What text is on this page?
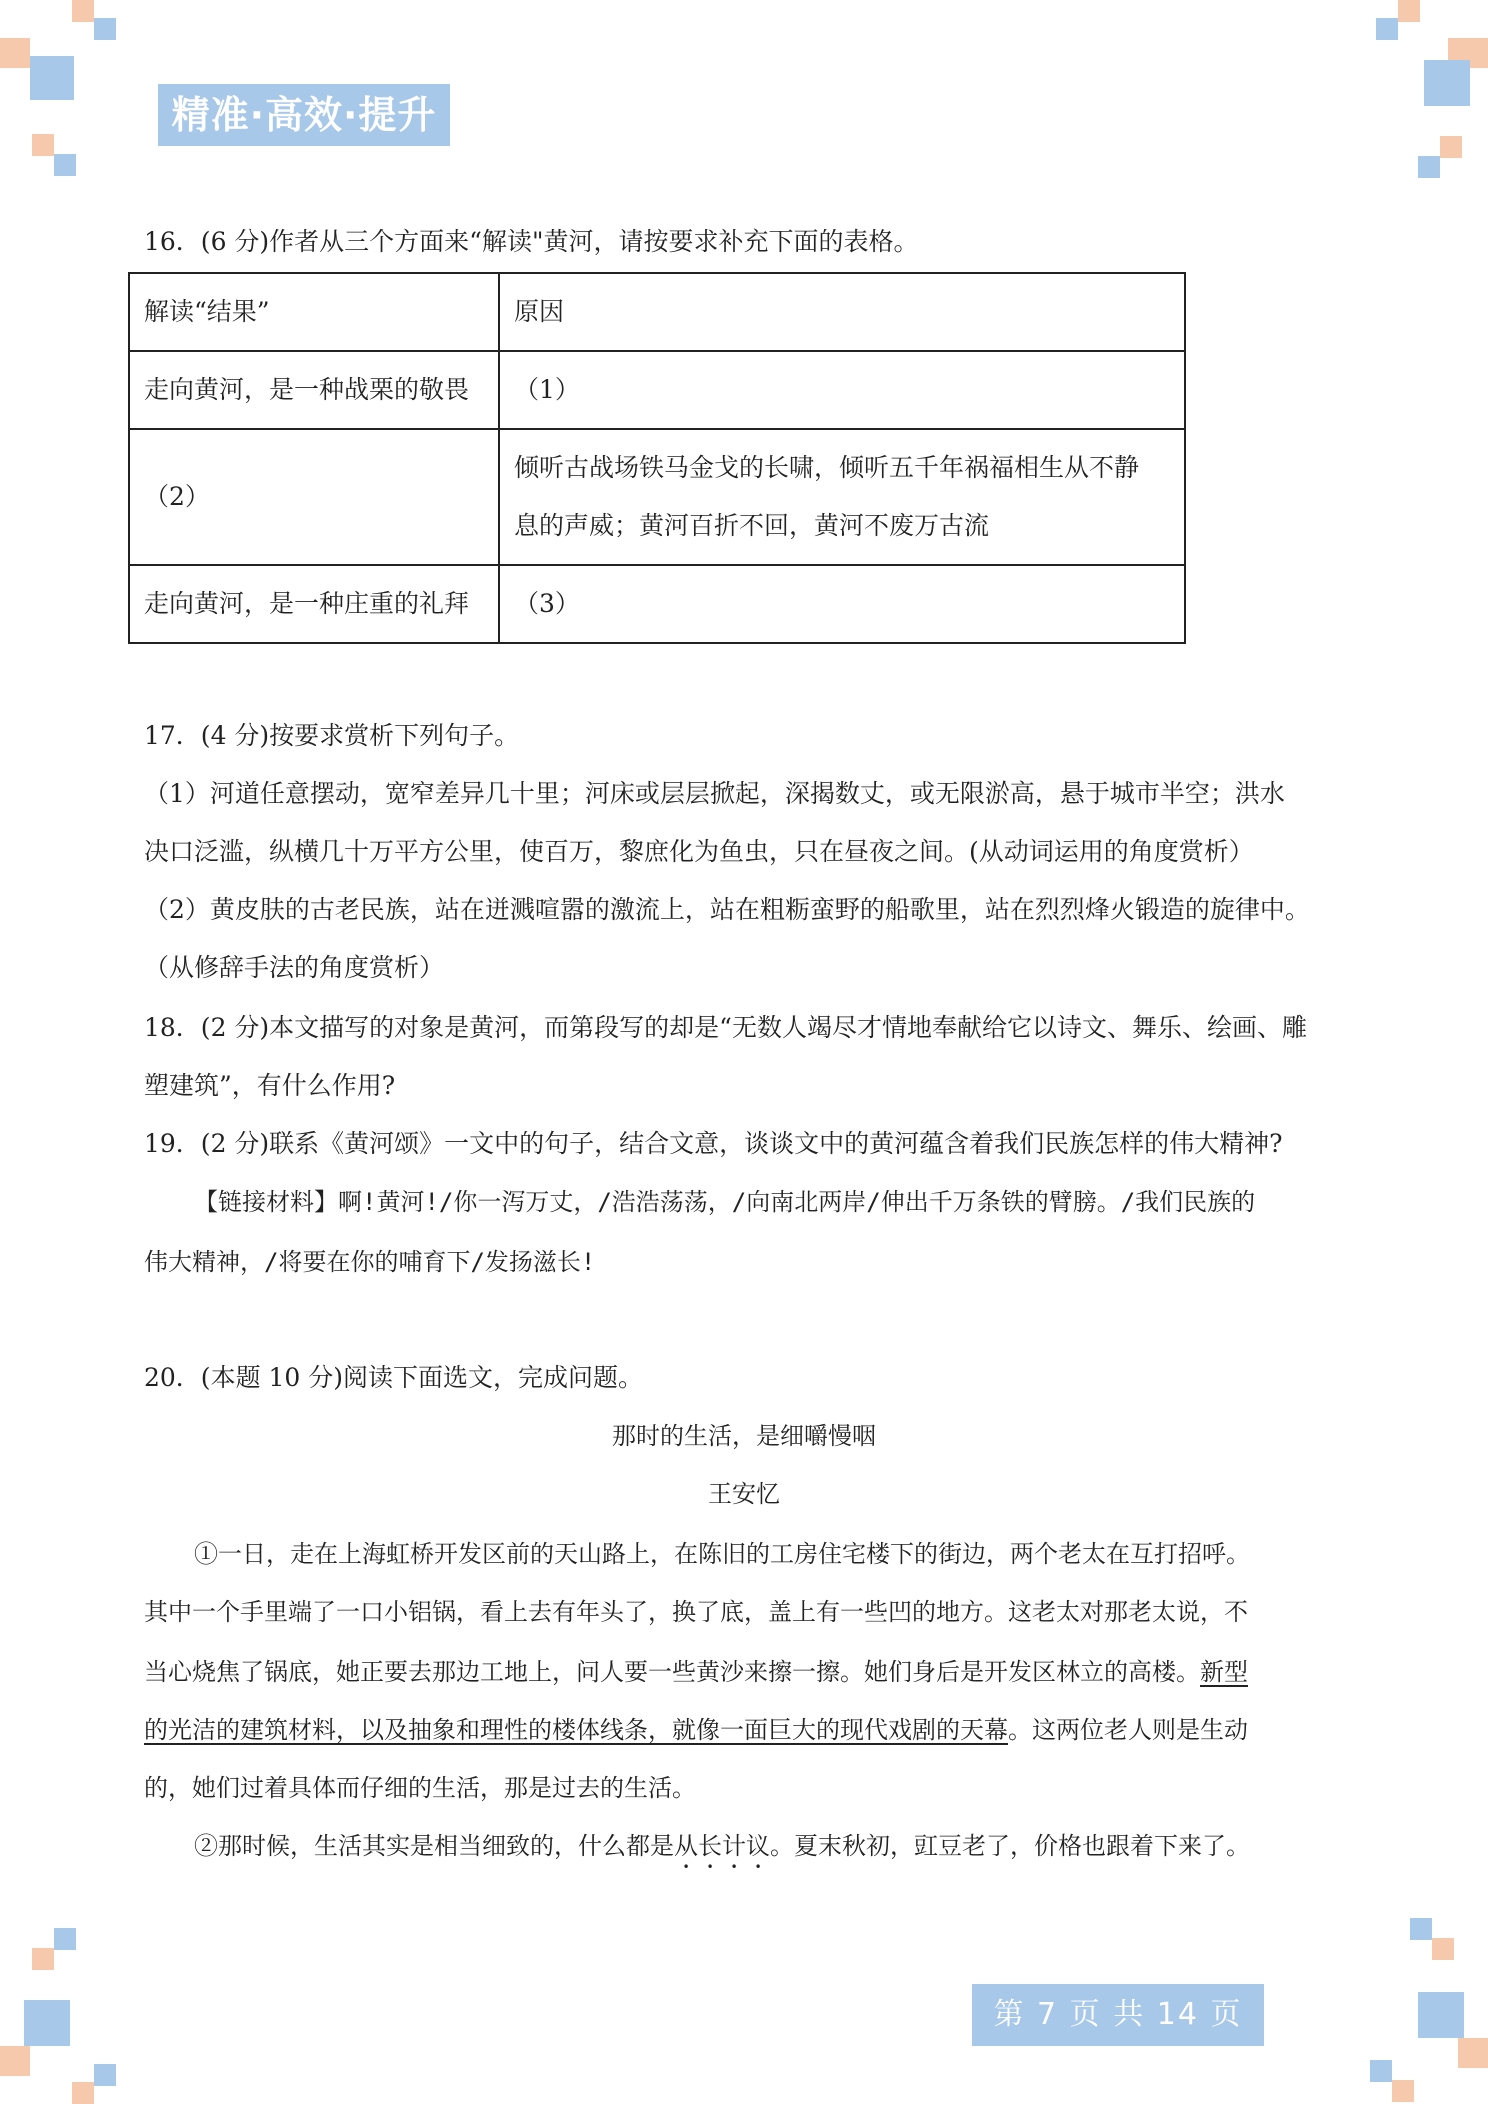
精准·高效·提升
16．(6 分)作者从三个方面来“解读"黄河，请按要求补充下面的表格。
解读“结果”	原因
走向黄河，是一种战栗的敬畏	（1）
（2）	倾听古战场铁马金戈的长啸，倾听五千年祸福相生从不静
息的声威；黄河百折不回，黄河不废万古流

走向黄河，是一种庄重的礼拜	（3）
17．(4 分)按要求赏析下列句子。
（1）河道任意摆动，宽窄差异几十里；河床或层层掀起，深揭数丈，或无限淤高，悬于城市半空；洪水
决口泛滥，纵横几十万平方公里，使百万，黎庶化为鱼虫，只在昼夜之间。(从动词运用的角度赏析）
（2）黄皮肤的古老民族，站在迸溅喧嚣的激流上，站在粗粝蛮野的船歌里，站在烈烈烽火锻造的旋律中。
（从修辞手法的角度赏析）
18．(2 分)本文描写的对象是黄河，而第段写的却是“无数人竭尽才情地奉献给它以诗文、舞乐、绘画、雕
塑建筑”，有什么作用?
19．(2 分)联系《黄河颂》一文中的句子，结合文意，谈谈文中的黄河蕴含着我们民族怎样的伟大精神?
【链接材料】啊!黄河!/你一泻万丈，/浩浩荡荡，/向南北两岸/伸出千万条铁的臂膀。/我们民族的
伟大精神，/将要在你的哺育下/发扬滋长!
20．(本题 10 分)阅读下面选文，完成问题。
那时的生活，是细嚼慢咽
王安忆
①一日，走在上海虹桥开发区前的天山路上，在陈旧的工房住宅楼下的街边，两个老太在互打招呼。
其中一个手里端了一口小铝锅，看上去有年头了，换了底，盖上有一些凹的地方。这老太对那老太说，不
当心烧焦了锅底，她正要去那边工地上，问人要一些黄沙来擦一擦。她们身后是开发区林立的高楼。新型
的光洁的建筑材料，以及抽象和理性的楼体线条，就像一面巨大的现代戏剧的天幕。这两位老人则是生动
的，她们过着具体而仔细的生活，那是过去的生活。
②那时候，生活其实是相当细致的，什么都是从长计议。夏末秋初，豇豆老了，价格也跟着下来了。
第 7 页 共 14 页
